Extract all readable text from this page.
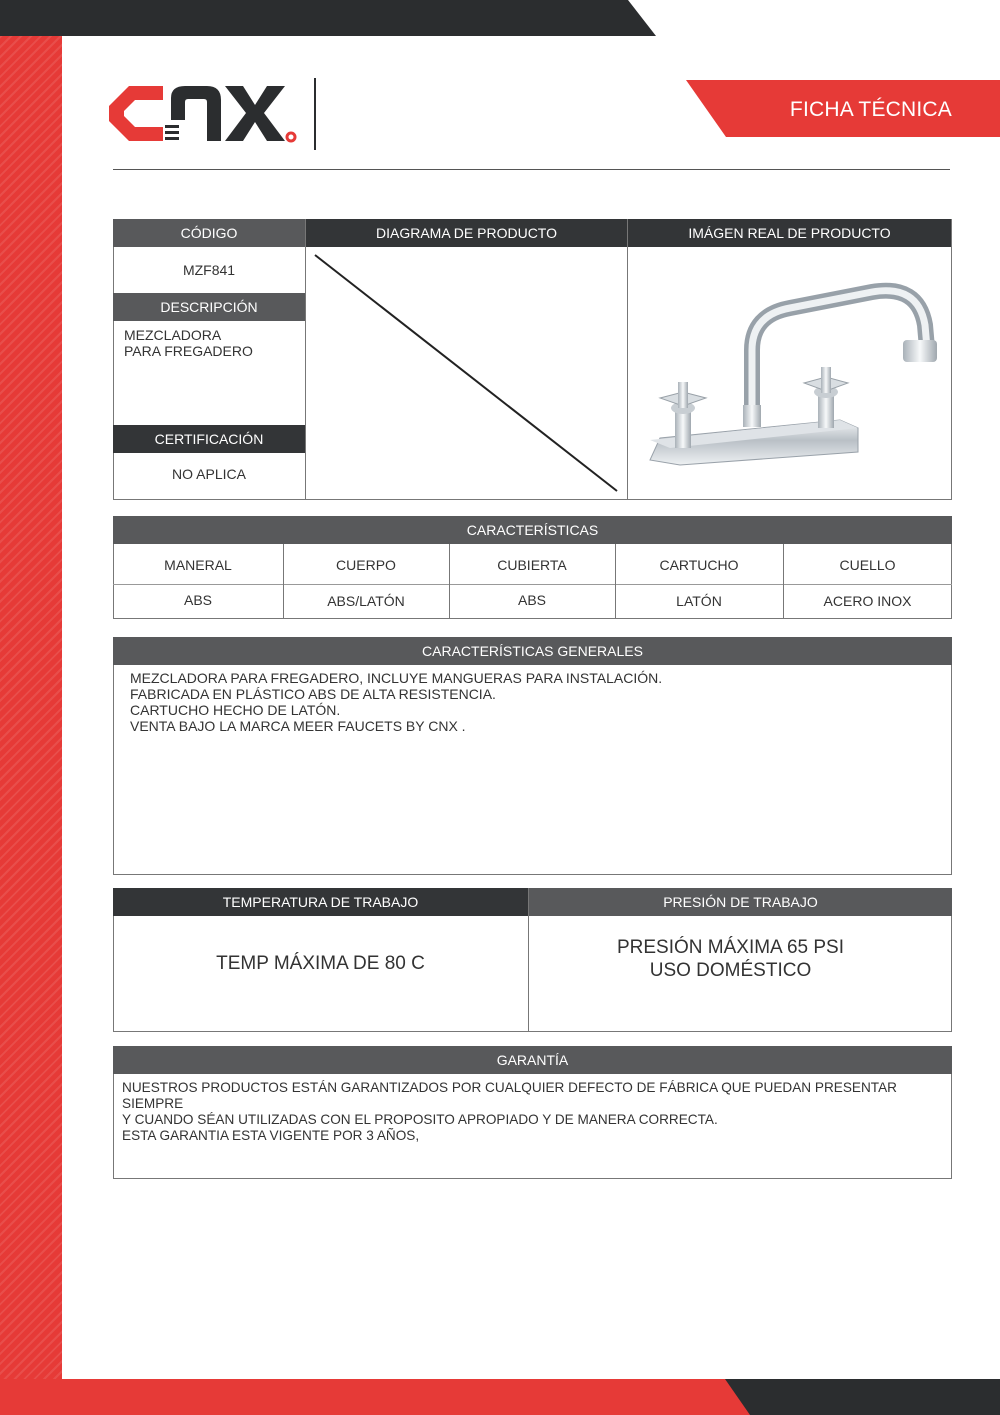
FICHA TÉCNICA
CÓDIGO
MZF841
DESCRIPCIÓN
MEZCLADORA
PARA FREGADERO
CERTIFICACIÓN
NO APLICA
DIAGRAMA DE PRODUCTO	IMÁGEN REAL DE PRODUCTO
CARACTERÍSTICAS
MANERAL	CUERPO	CUBIERTA	CARTUCHO	CUELLO
ABS	ABS/LATÓN	ABS	LATÓN	ACERO INOX
CARACTERÍSTICAS GENERALES
MEZCLADORA PARA FREGADERO, INCLUYE MANGUERAS PARA INSTALACIÓN.
FABRICADA EN PLÁSTICO ABS DE ALTA RESISTENCIA.
CARTUCHO HECHO DE LATÓN.
VENTA BAJO LA MARCA MEER FAUCETS BY CNX .
TEMPERATURA DE TRABAJO	PRESIÓN DE TRABAJO
TEMP MÁXIMA DE 80 C
PRESIÓN MÁXIMA 65 PSI
USO DOMÉSTICO
GARANTÍA
NUESTROS PRODUCTOS ESTÁN GARANTIZADOS POR CUALQUIER DEFECTO DE FÁBRICA QUE PUEDAN PRESENTAR SIEMPRE
Y CUANDO SÉAN UTILIZADAS CON EL PROPOSITO APROPIADO Y DE MANERA CORRECTA.
ESTA GARANTIA ESTA VIGENTE POR 3 AÑOS,
